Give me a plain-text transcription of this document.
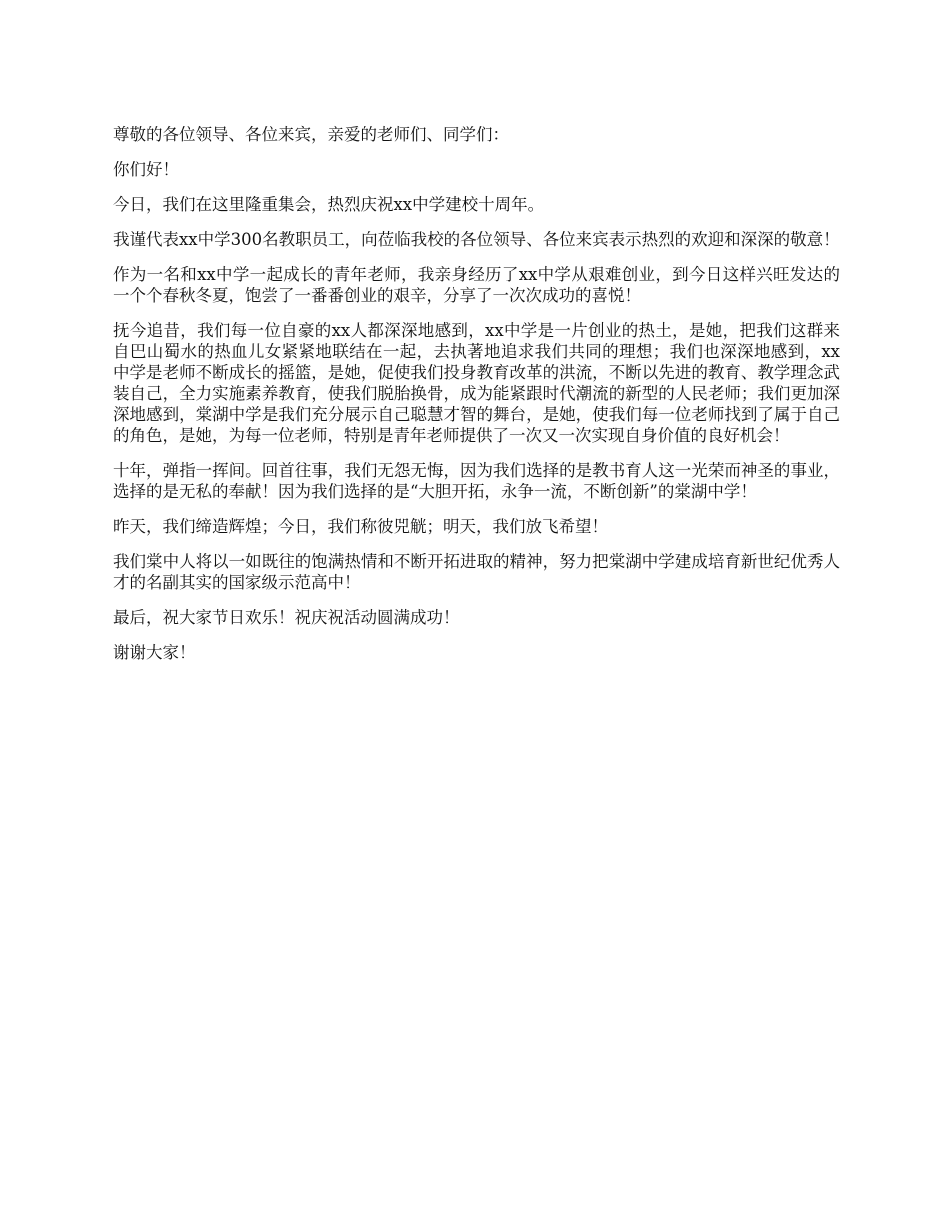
尊敬的各位领导、各位来宾，亲爱的老师们、同学们：

你们好！

今日，我们在这里隆重集会，热烈庆祝xx中学建校十周年。

我谨代表xx中学300名教职员工，向莅临我校的各位领导、各位来宾表示热烈的欢迎和深深的敬意！

作为一名和xx中学一起成长的青年老师，我亲身经历了xx中学从艰难创业，到今日这样兴旺发达的一个个春秋冬夏，饱尝了一番番创业的艰辛，分享了一次次成功的喜悦！

抚今追昔，我们每一位自豪的xx人都深深地感到，xx中学是一片创业的热土，是她，把我们这群来自巴山蜀水的热血儿女紧紧地联结在一起，去执著地追求我们共同的理想；我们也深深地感到，xx中学是老师不断成长的摇篮，是她，促使我们投身教育改革的洪流，不断以先进的教育、教学理念武装自己，全力实施素养教育，使我们脱胎换骨，成为能紧跟时代潮流的新型的人民老师；我们更加深深地感到，棠湖中学是我们充分展示自己聪慧才智的舞台，是她，使我们每一位老师找到了属于自己的角色，是她，为每一位老师，特别是青年老师提供了一次又一次实现自身价值的良好机会！

十年，弹指一挥间。回首往事，我们无怨无悔，因为我们选择的是教书育人这一光荣而神圣的事业，选择的是无私的奉献！因为我们选择的是“大胆开拓，永争一流，不断创新”的棠湖中学！

昨天，我们缔造辉煌；今日，我们称彼兕觥；明天，我们放飞希望！

我们棠中人将以一如既往的饱满热情和不断开拓进取的精神，努力把棠湖中学建成培育新世纪优秀人才的名副其实的国家级示范高中！

最后，祝大家节日欢乐！祝庆祝活动圆满成功！

谢谢大家！
